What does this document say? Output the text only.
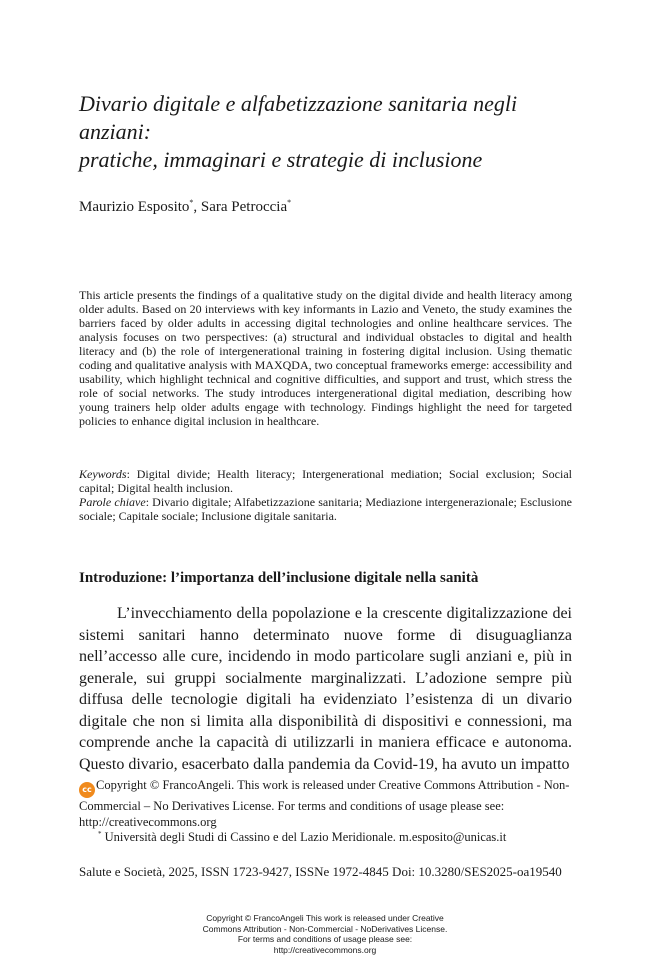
Divario digitale e alfabetizzazione sanitaria negli
anziani:
pratiche, immaginari e strategie di inclusione
Maurizio Esposito*, Sara Petroccia*

This article presents the findings of a qualitative study on the digital divide and health literacy among older adults. Based on 20 interviews with key informants in Lazio and Veneto, the study examines the barriers faced by older adults in accessing digital technologies and online healthcare services. The analysis focuses on two perspectives: (a) structural and individual obstacles to digital and health literacy and (b) the role of intergenerational training in fostering digital inclusion. Using thematic coding and qualitative analysis with MAXQDA, two conceptual frameworks emerge: accessibility and usability, which highlight technical and cognitive difficulties, and support and trust, which stress the role of social networks. The study introduces intergenerational digital mediation, describing how young trainers help older adults engage with technology. Findings highlight the need for targeted policies to enhance digital inclusion in healthcare.

Keywords: Digital divide; Health literacy; Intergenerational mediation; Social exclusion; Social capital; Digital health inclusion.

Parole chiave: Divario digitale; Alfabetizzazione sanitaria; Mediazione intergenerazionale; Esclusione sociale; Capitale sociale; Inclusione digitale sanitaria.

Introduzione: l’importanza dell’inclusione digitale nella sanità

L’invecchiamento della popolazione e la crescente digitalizzazione dei sistemi sanitari hanno determinato nuove forme di disuguaglianza nell’accesso alle cure, incidendo in modo particolare sugli anziani e, più in generale, sui gruppi socialmente marginalizzati. L’adozione sempre più diffusa delle tecnologie digitali ha evidenziato l’esistenza di un divario digitale che non si limita alla disponibilità di dispositivi e connessioni, ma comprende anche la capacità di utilizzarli in maniera efficace e autonoma. Questo divario, esacerbato dalla pandemia da Covid-19, ha avuto un impatto

cc Copyright © FrancoAngeli. This work is released under Creative Commons Attribution - Non-Commercial – No Derivatives License. For terms and conditions of usage please see: http://creativecommons.org

* Università degli Studi di Cassino e del Lazio Meridionale. m.esposito@unicas.it

Salute e Società, 2025, ISSN 1723-9427, ISSNe 1972-4845 Doi: 10.3280/SES2025-oa19540

Copyright © FrancoAngeli This work is released under Creative
Commons Attribution - Non-Commercial - NoDerivatives License.
For terms and conditions of usage please see:
http://creativecommons.org
